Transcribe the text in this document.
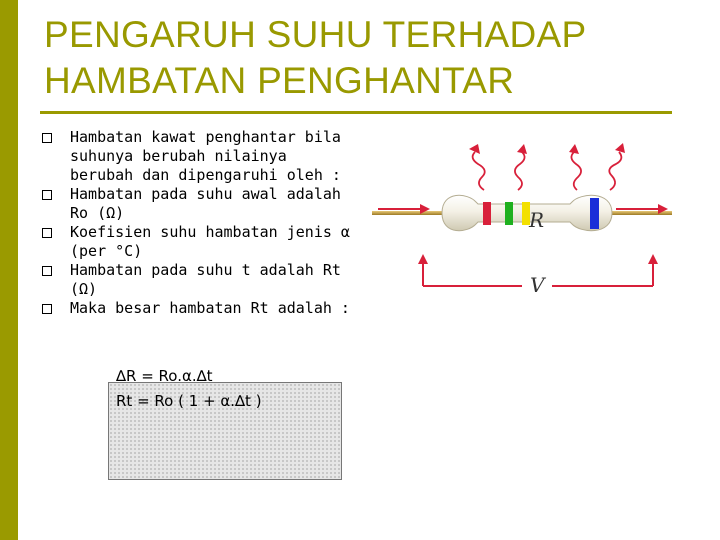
PENGARUH SUHU TERHADAP
HAMBATAN PENGHANTAR
Hambatan kawat penghantar bila suhunya berubah nilainya berubah dan dipengaruhi oleh :
Hambatan pada suhu awal adalah Ro (Ω)
Koefisien suhu hambatan jenis α (per °C)
Hambatan pada suhu t adalah Rt (Ω)
Maka besar hambatan Rt adalah :
∆R = Ro.α.∆t
Rt = Ro ( 1 + α.∆t )
R
V
